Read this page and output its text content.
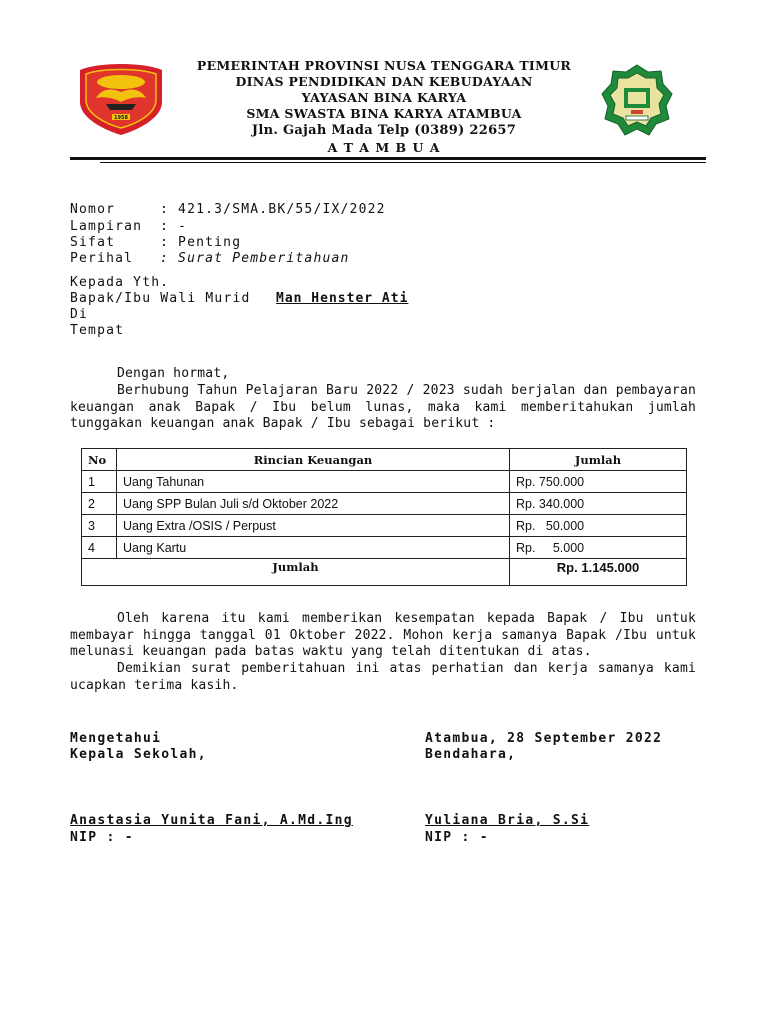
1958
PEMERINTAH PROVINSI NUSA TENGGARA TIMUR
DINAS PENDIDIKAN DAN KEBUDAYAAN
YAYASAN BINA KARYA
SMA SWASTA BINA KARYA ATAMBUA
Jln. Gajah Mada Telp (0389) 22657
A T A M B U A
Nomor	: 421.3/SMA.BK/55/IX/2022
Lampiran : -
Sifat	: Penting
Perihal : Surat Pemberitahuan
Kepada Yth.
Bapak/Ibu Wali Murid Man Henster Ati
Di
Tempat
Dengan hormat,
Berhubung Tahun Pelajaran Baru 2022 / 2023 sudah berjalan dan pembayaran keuangan anak Bapak / Ibu belum lunas, maka kami memberitahukan jumlah tunggakan keuangan anak Bapak / Ibu sebagai berikut :
No	Rincian Keuangan	Jumlah
1	Uang Tahunan	Rp. 750.000
2	Uang SPP Bulan Juli s/d Oktober 2022	Rp. 340.000
3	Uang Extra /OSIS / Perpust	Rp.   50.000
4	Uang Kartu	Rp.     5.000
Jumlah		Rp. 1.145.000
Oleh karena itu kami memberikan kesempatan kepada Bapak / Ibu untuk membayar hingga tanggal 01 Oktober 2022. Mohon kerja samanya Bapak /Ibu untuk melunasi keuangan pada batas waktu yang telah ditentukan di atas.
Demikian surat pemberitahuan ini atas perhatian dan kerja samanya kami ucapkan terima kasih.
Mengetahui
Kepala Sekolah,
Anastasia Yunita Fani, A.Md.Ing
NIP : -
Atambua, 28 September 2022
Bendahara,
Yuliana Bria, S.Si
NIP : -
